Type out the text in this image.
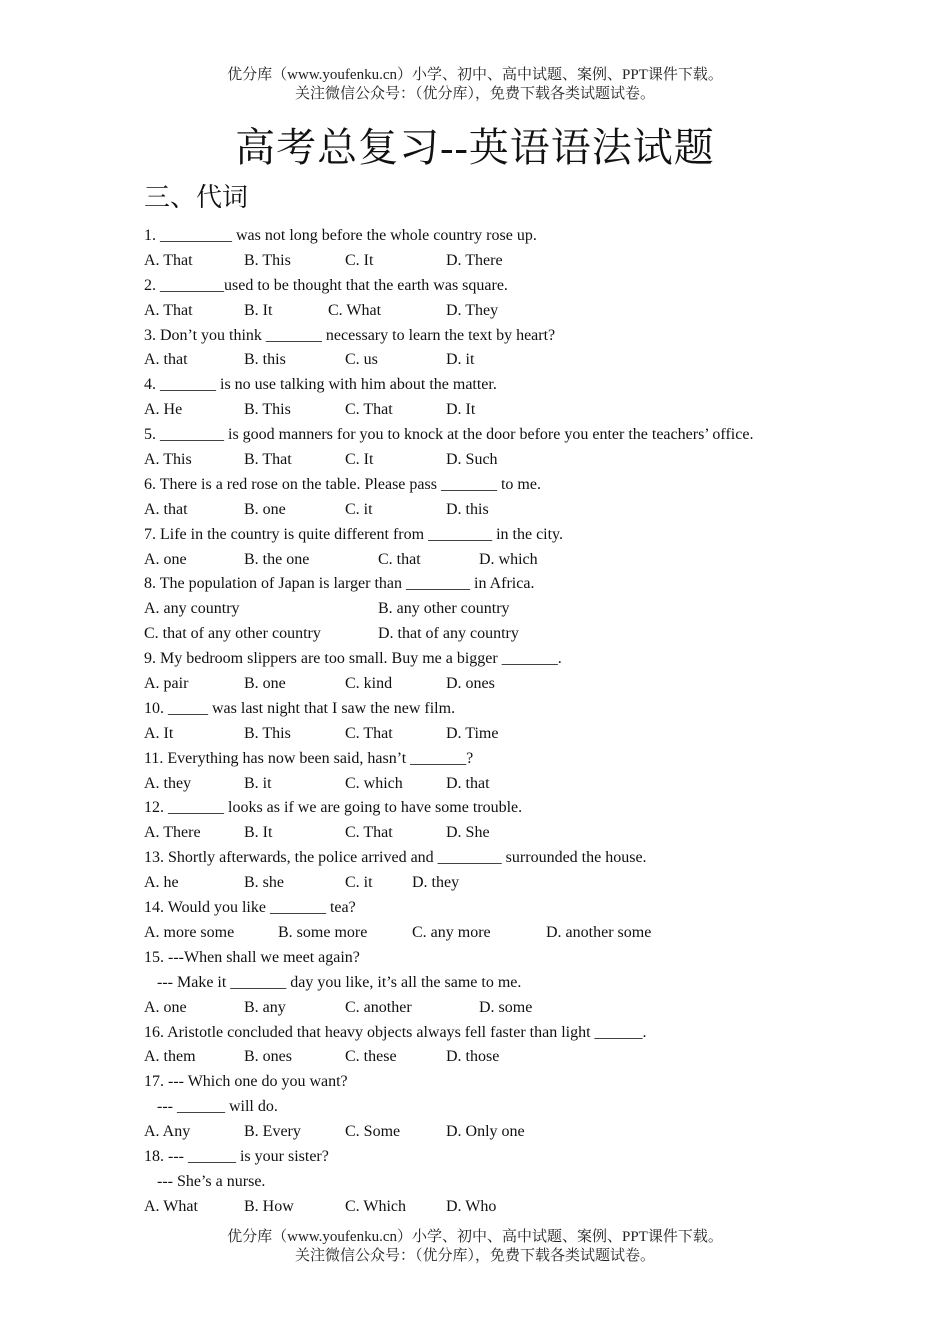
优分库（www.youfenku.cn）小学、初中、高中试题、案例、PPT课件下载。
关注微信公众号：（优分库），免费下载各类试题试卷。
高考总复习--英语语法试题
三、代词
1. _________ was not long before the whole country rose up.
A. That	B. This	C. It	D. There
2. ________used to be thought that the earth was square.
A. That	B. It	C. What	D. They
3. Don’t you think _______ necessary to learn the text by heart?
A. that	B. this	C. us	D. it
4. _______ is no use talking with him about the matter.
A. He	B. This	C. That	D. It
5. ________ is good manners for you to knock at the door before you enter the teachers’ office.
A. This	B. That	C. It	D. Such
6. There is a red rose on the table. Please pass _______ to me.
A. that	B. one	C. it	D. this
7. Life in the country is quite different from ________ in the city.
A. one	B. the one	C. that	D. which
8. The population of Japan is larger than ________ in Africa.
A. any country	B. any other country
C. that of any other country	D. that of any country
9. My bedroom slippers are too small. Buy me a bigger _______.
A. pair	B. one	C. kind	D. ones
10. _____ was last night that I saw the new film.
A. It	B. This	C. That	D. Time
11. Everything has now been said, hasn’t _______?
A. they	B. it	C. which	D. that
12. _______ looks as if we are going to have some trouble.
A. There	B. It	C. That	D. She
13. Shortly afterwards, the police arrived and ________ surrounded the house.
A. he	B. she	C. it D. they
14. Would you like _______ tea?
A. more some	B. some more	C. any more	D. another some
15. ---When shall we meet again?
--- Make it _______ day you like, it’s all the same to me.
A. one	B. any	C. another	D. some
16. Aristotle concluded that heavy objects always fell faster than light ______.
A. them	B. ones	C. these	D. those
17. --- Which one do you want?
--- ______ will do.
A. Any	B. Every	C. Some	D. Only one
18. --- ______ is your sister?
--- She’s a nurse.
A. What	B. How	C. Which D. Who
优分库（www.youfenku.cn）小学、初中、高中试题、案例、PPT课件下载。
关注微信公众号：（优分库），免费下载各类试题试卷。
